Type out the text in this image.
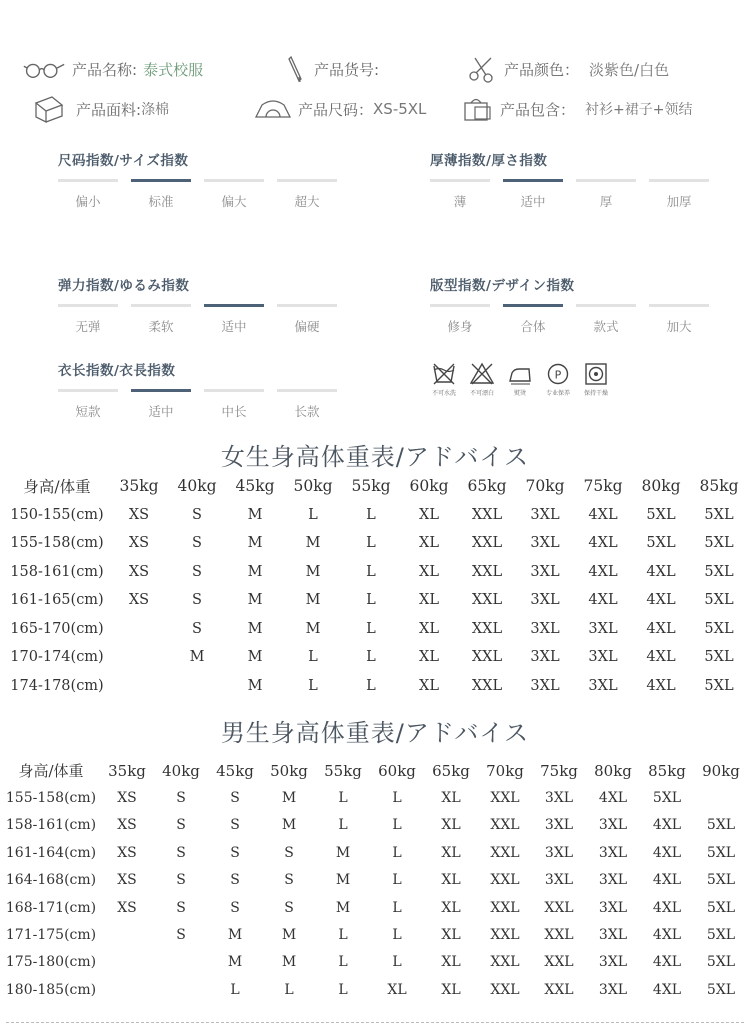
产品名称: 泰式校服	产品货号:	产品颜色： 淡紫色/白色
产品面料: 涤棉	产品尺码： XS-5XL	产品包含： 衬衫+裙子+领结
尺码指数/サイズ指数
偏小	标准	偏大	超大
厚薄指数/厚さ指数
薄	适中	厚	加厚
弹力指数/ゆるみ指数
无弹	柔软	适中	偏硬
版型指数/デザイン指数
修身	合体	款式	加大
衣长指数/衣長指数
短款	适中	中长	长款
不可水洗	不可漂白	熨烫
P
专业保养	保持干燥
女生身高体重表/アドバイス
身高/体重	35kg	40kg	45kg	50kg	55kg	60kg	65kg	70kg	75kg	80kg	85kg
150-155(cm)	XS	S	M	L	L	XL	XXL	3XL	4XL	5XL	5XL
155-158(cm)	XS	S	M	M	L	XL	XXL	3XL	4XL	5XL	5XL
158-161(cm)	XS	S	M	M	L	XL	XXL	3XL	4XL	4XL	5XL
161-165(cm)	XS	S	M	M	L	XL	XXL	3XL	4XL	4XL	5XL
165-170(cm)		S	M	M	L	XL	XXL	3XL	3XL	4XL	5XL
170-174(cm)		M	M	L	L	XL	XXL	3XL	3XL	4XL	5XL
174-178(cm)			M	L	L	XL	XXL	3XL	3XL	4XL	5XL
男生身高体重表/アドバイス
身高/体重	35kg	40kg	45kg	50kg	55kg	60kg	65kg	70kg	75kg	80kg	85kg	90kg
155-158(cm)	XS	S	S	M	L	L	XL	XXL	3XL	4XL	5XL	
158-161(cm)	XS	S	S	M	L	L	XL	XXL	3XL	3XL	4XL	5XL
161-164(cm)	XS	S	S	S	M	L	XL	XXL	3XL	3XL	4XL	5XL
164-168(cm)	XS	S	S	S	M	L	XL	XXL	3XL	3XL	4XL	5XL
168-171(cm)	XS	S	S	S	M	L	XL	XXL	XXL	3XL	4XL	5XL
171-175(cm)		S	M	M	L	L	XL	XXL	XXL	3XL	4XL	5XL
175-180(cm)			M	M	L	L	XL	XXL	XXL	3XL	4XL	5XL
180-185(cm)			L	L	L	XL	XL	XXL	XXL	3XL	4XL	5XL
